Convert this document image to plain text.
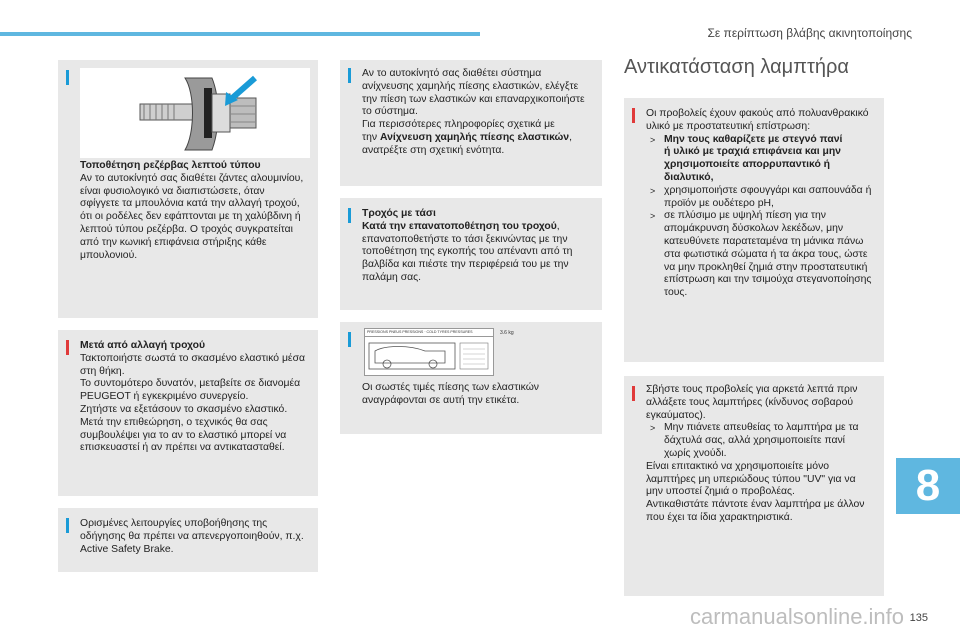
Σε περίπτωση βλάβης ακινητοποίησης

Τοποθέτηση ρεζέρβας λεπτού τύπου

Αν το αυτοκίνητό σας διαθέτει ζάντες αλουμινίου,

είναι φυσιολογικό να διαπιστώσετε, όταν

σφίγγετε τα μπουλόνια κατά την αλλαγή τροχού,

ότι οι ροδέλες δεν εφάπτονται με τη χαλύβδινη ή

λεπτού τύπου ρεζέρβα. Ο τροχός συγκρατείται

από την κωνική επιφάνεια στήριξης κάθε

μπουλονιού.

Μετά από αλλαγή τροχού

Τακτοποιήστε σωστά το σκασμένο ελαστικό μέσα

στη θήκη.

Το συντομότερο δυνατόν, μεταβείτε σε διανομέα

PEUGEOT ή εγκεκριμένο συνεργείο.

Ζητήστε να εξετάσουν το σκασμένο ελαστικό.

Μετά την επιθεώρηση, ο τεχνικός θα σας

συμβουλέψει για το αν το ελαστικό μπορεί να

επισκευαστεί ή αν πρέπει να αντικατασταθεί.

Ορισμένες λειτουργίες υποβοήθησης της

οδήγησης θα πρέπει να απενεργοποιηθούν, π.χ.

Active Safety Brake.

Αν το αυτοκίνητό σας διαθέτει σύστημα

ανίχνευσης χαμηλής πίεσης ελαστικών, ελέγξτε

την πίεση των ελαστικών και επαναρχικοποιήστε

το σύστημα.

Για περισσότερες πληροφορίες σχετικά με

την Ανίχνευση χαμηλής πίεσης ελαστικών,

ανατρέξτε στη σχετική ενότητα.

Τροχός με τάσι

Κατά την επανατοποθέτηση του τροχού,

επανατοποθετήστε το τάσι ξεκινώντας με την

τοποθέτηση της εγκοπής του απέναντι από τη

βαλβίδα και πιέστε την περιφέρειά του με την

παλάμη σας.

PRESSIONS PNEUS PRESSIONS · COLD TYRES PRESSURES	3.6 kg

Οι σωστές τιμές πίεσης των ελαστικών

αναγράφονται σε αυτή την ετικέτα.

Αντικατάσταση λαμπτήρα

Οι προβολείς έχουν φακούς από πολυανθρακικό

υλικό με προστατευτική επίστρωση:

> Μην τους καθαρίζετε με στεγνό πανί

ή υλικό με τραχιά επιφάνεια και μην

χρησιμοποιείτε απορρυπαντικό ή

διαλυτικό,

> χρησιμοποιήστε σφουγγάρι και σαπουνάδα ή

προϊόν με ουδέτερο pH,

> σε πλύσιμο με υψηλή πίεση για την

απομάκρυνση δύσκολων λεκέδων, μην

κατευθύνετε παρατεταμένα τη μάνικα πάνω

στα φωτιστικά σώματα ή τα άκρα τους, ώστε

να μην προκληθεί ζημιά στην προστατευτική

επίστρωση και την τσιμούχα στεγανοποίησης

τους.

Σβήστε τους προβολείς για αρκετά λεπτά πριν

αλλάξετε τους λαμπτήρες (κίνδυνος σοβαρού

εγκαύματος).

> Μην πιάνετε απευθείας το λαμπτήρα με τα

δάχτυλά σας, αλλά χρησιμοποιείτε πανί

χωρίς χνούδι.

Είναι επιτακτικό να χρησιμοποιείτε μόνο

λαμπτήρες μη υπεριώδους τύπου "UV" για να

μην υποστεί ζημιά ο προβολέας.

Αντικαθιστάτε πάντοτε έναν λαμπτήρα με άλλον

που έχει τα ίδια χαρακτηριστικά.

8
carmanualsonline.info 135
